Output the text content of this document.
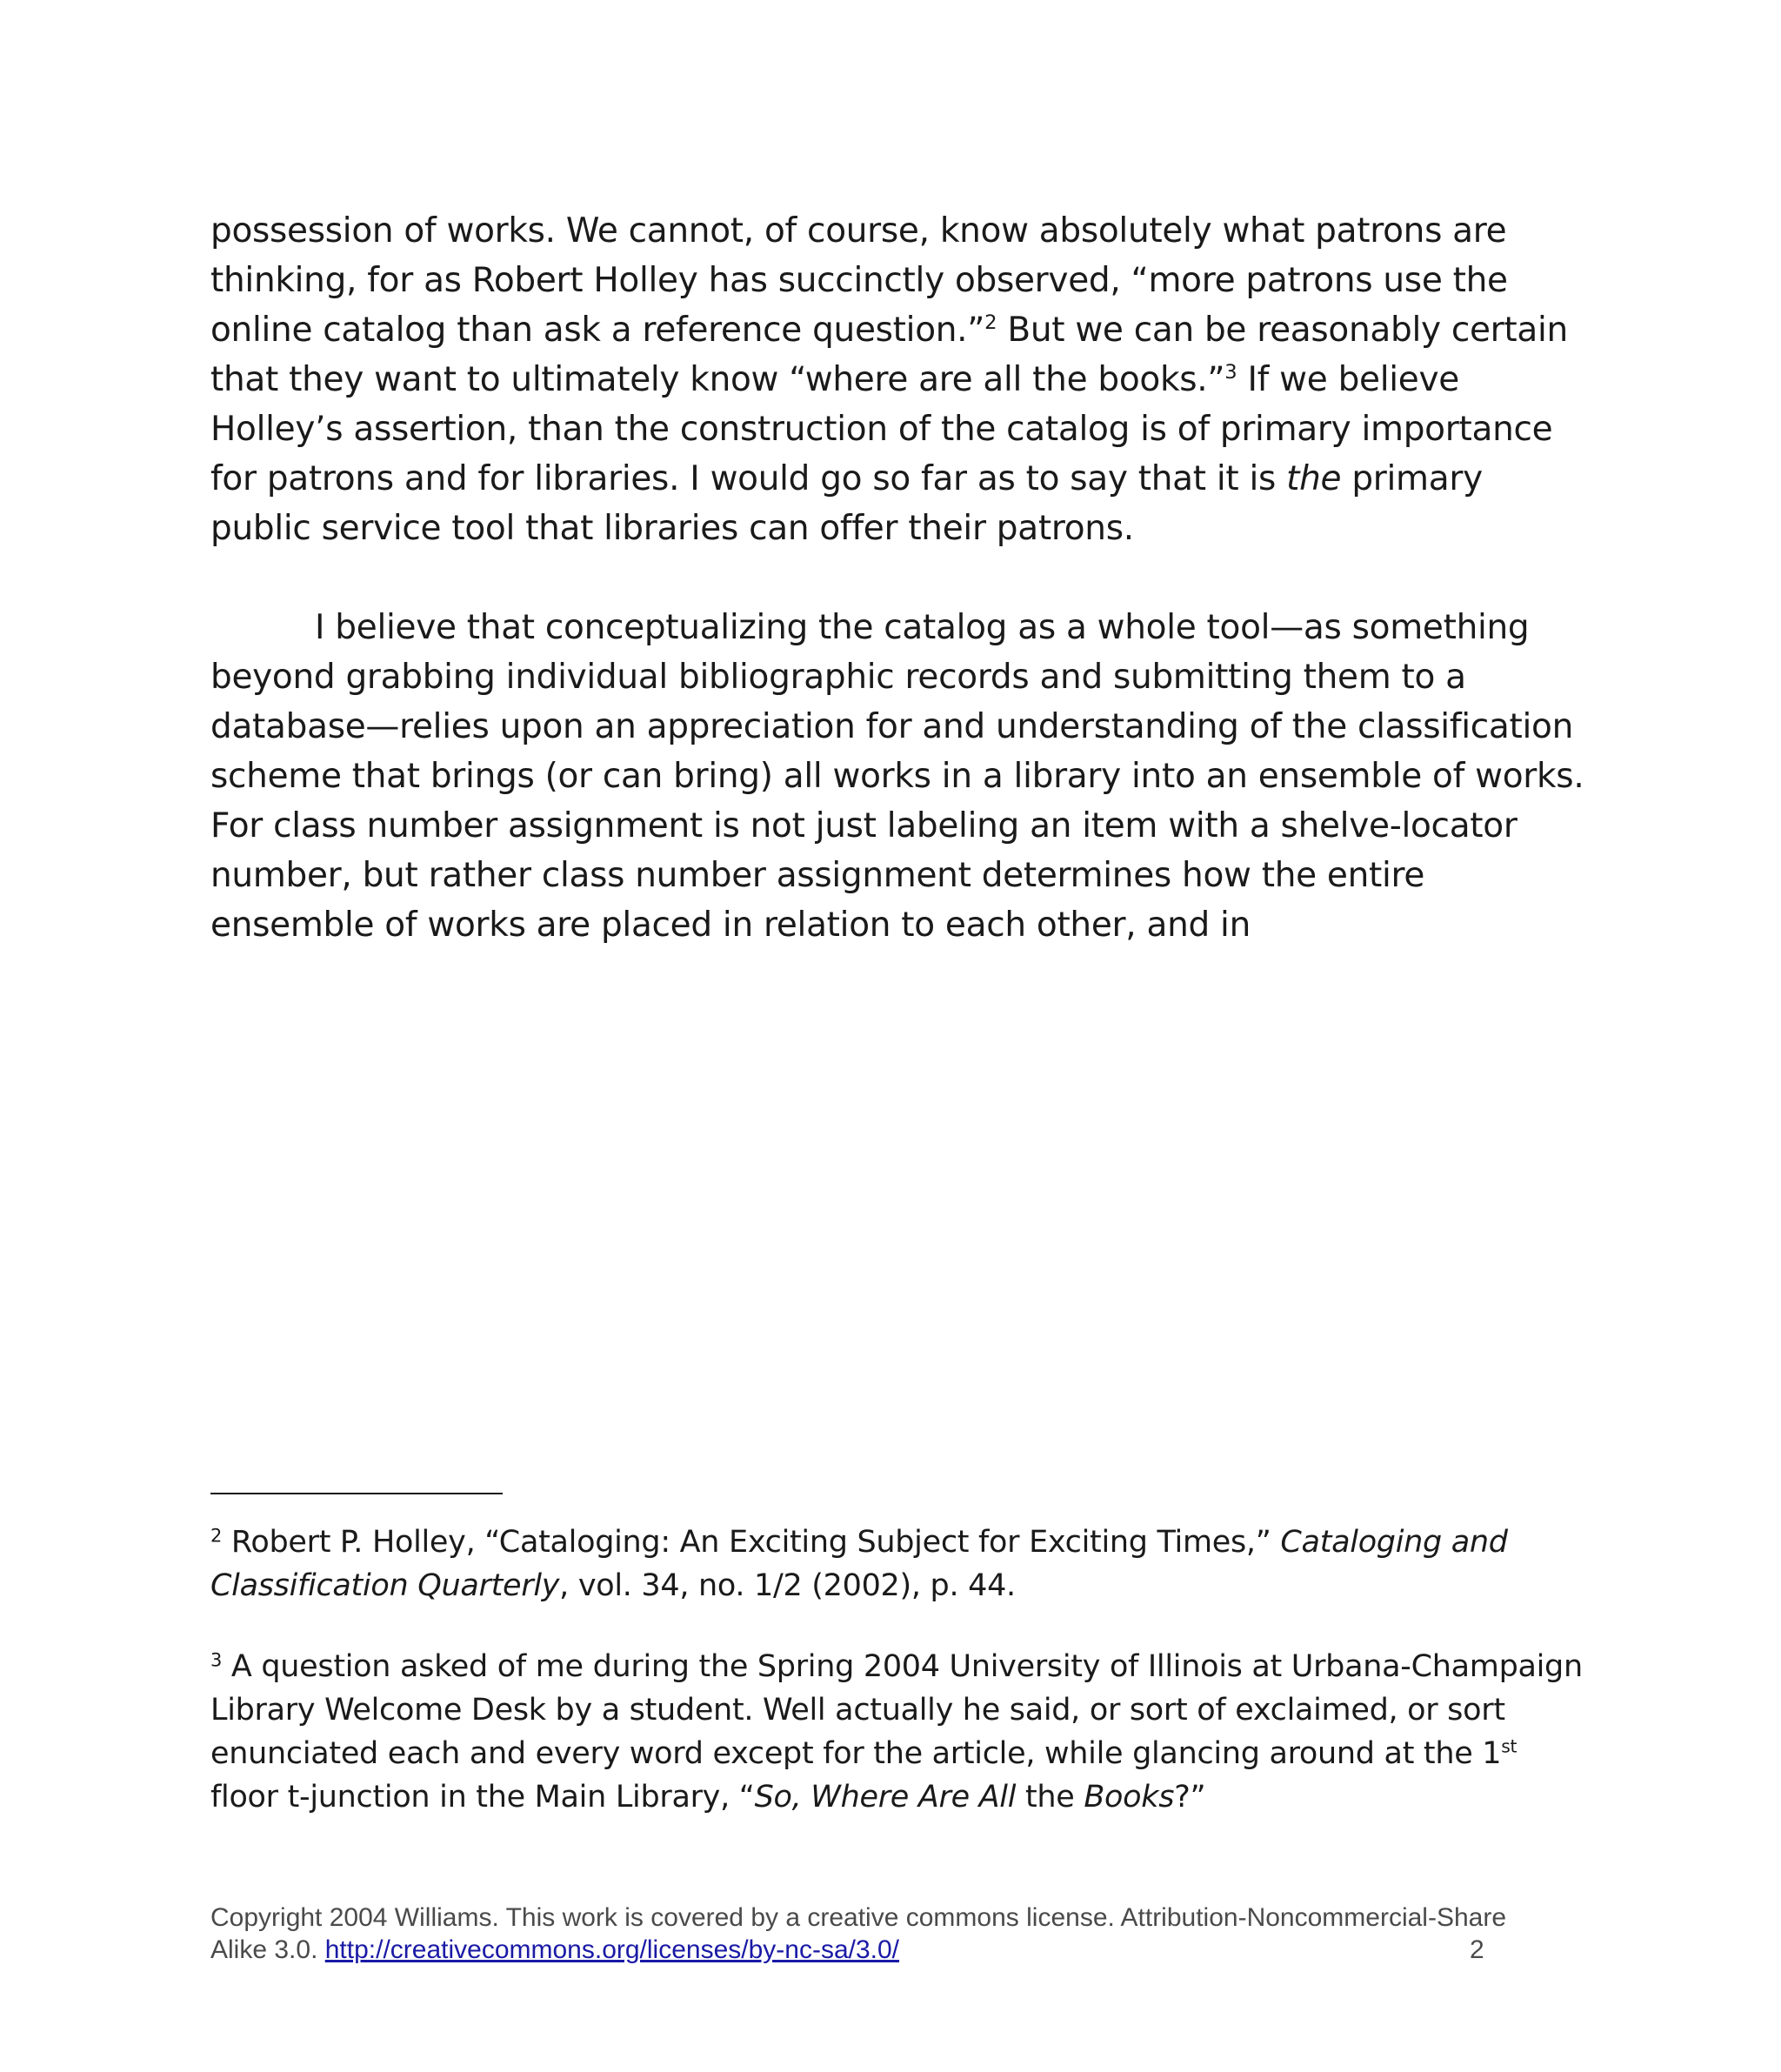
possession of works. We cannot, of course, know absolutely what patrons are thinking, for as Robert Holley has succinctly observed, “more patrons use the online catalog than ask a reference question.”$^2$ But we can be reasonably certain that they want to ultimately know “where are all the books.”$^3$ If we believe Holley’s assertion, than the construction of the catalog is of primary importance for patrons and for libraries. I would go so far as to say that it is the primary public service tool that libraries can offer their patrons.

I believe that conceptualizing the catalog as a whole tool—as something beyond grabbing individual bibliographic records and submitting them to a database—relies upon an appreciation for and understanding of the classification scheme that brings (or can bring) all works in a library into an ensemble of works. For class number assignment is not just labeling an item with a shelve-locator number, but rather class number assignment determines how the entire ensemble of works are placed in relation to each other, and in

$^2$ Robert P. Holley, “Cataloging: An Exciting Subject for Exciting Times,” Cataloging and Classification Quarterly, vol. 34, no. 1/2 (2002), p. 44.

$^3$ A question asked of me during the Spring 2004 University of Illinois at Urbana-Champaign Library Welcome Desk by a student. Well actually he said, or sort of exclaimed, or sort enunciated each and every word except for the article, while glancing around at the 1st floor t-junction in the Main Library, “So, Where Are All the Books?”

Copyright 2004 Williams. This work is covered by a creative commons license. Attribution-Noncommercial-Share Alike 3.0. http://creativecommons.org/licenses/by-nc-sa/3.0/	2
